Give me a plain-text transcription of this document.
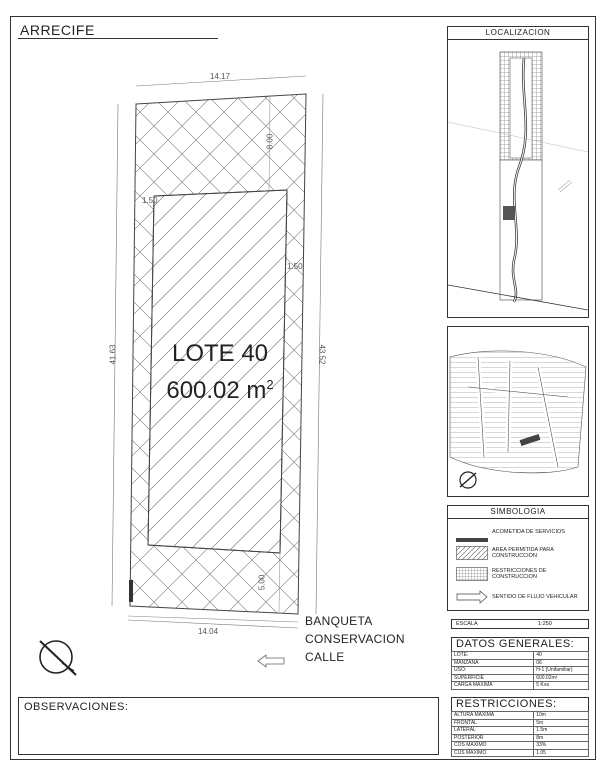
ARRECIFE
14.17
14.04
41.63	43.52
8.00
1.50
1.50
5.00
LOTE 40
600.02 $m^2$
BANQUETA
CONSERVACION
CALLE
LOCALIZACION
SIMBOLOGIA
ACOMETIDA DE SERVICIOS
AREA PERMITIDA PARA CONSTRUCCION
RESTRICCIONES DE CONSTRUCCION
SENTIDO DE FLUJO VEHICULAR
ESCALA	1:250
DATOS GENERALES:
LOTE:	40
MANZANA	06
USO:	H-1 (Unifamiliar)
SUPERFICIE	600.02m²
CARGA MAXIMA	5 Kva
RESTRICCIONES:
ALTURA MAXIMA	10m
FRONTAL	5m
LATERAL	1.5m
POSTERIOR	8m
COS MAXIMO	33%
CUS MAXIMO	1.05
OBSERVACIONES:
